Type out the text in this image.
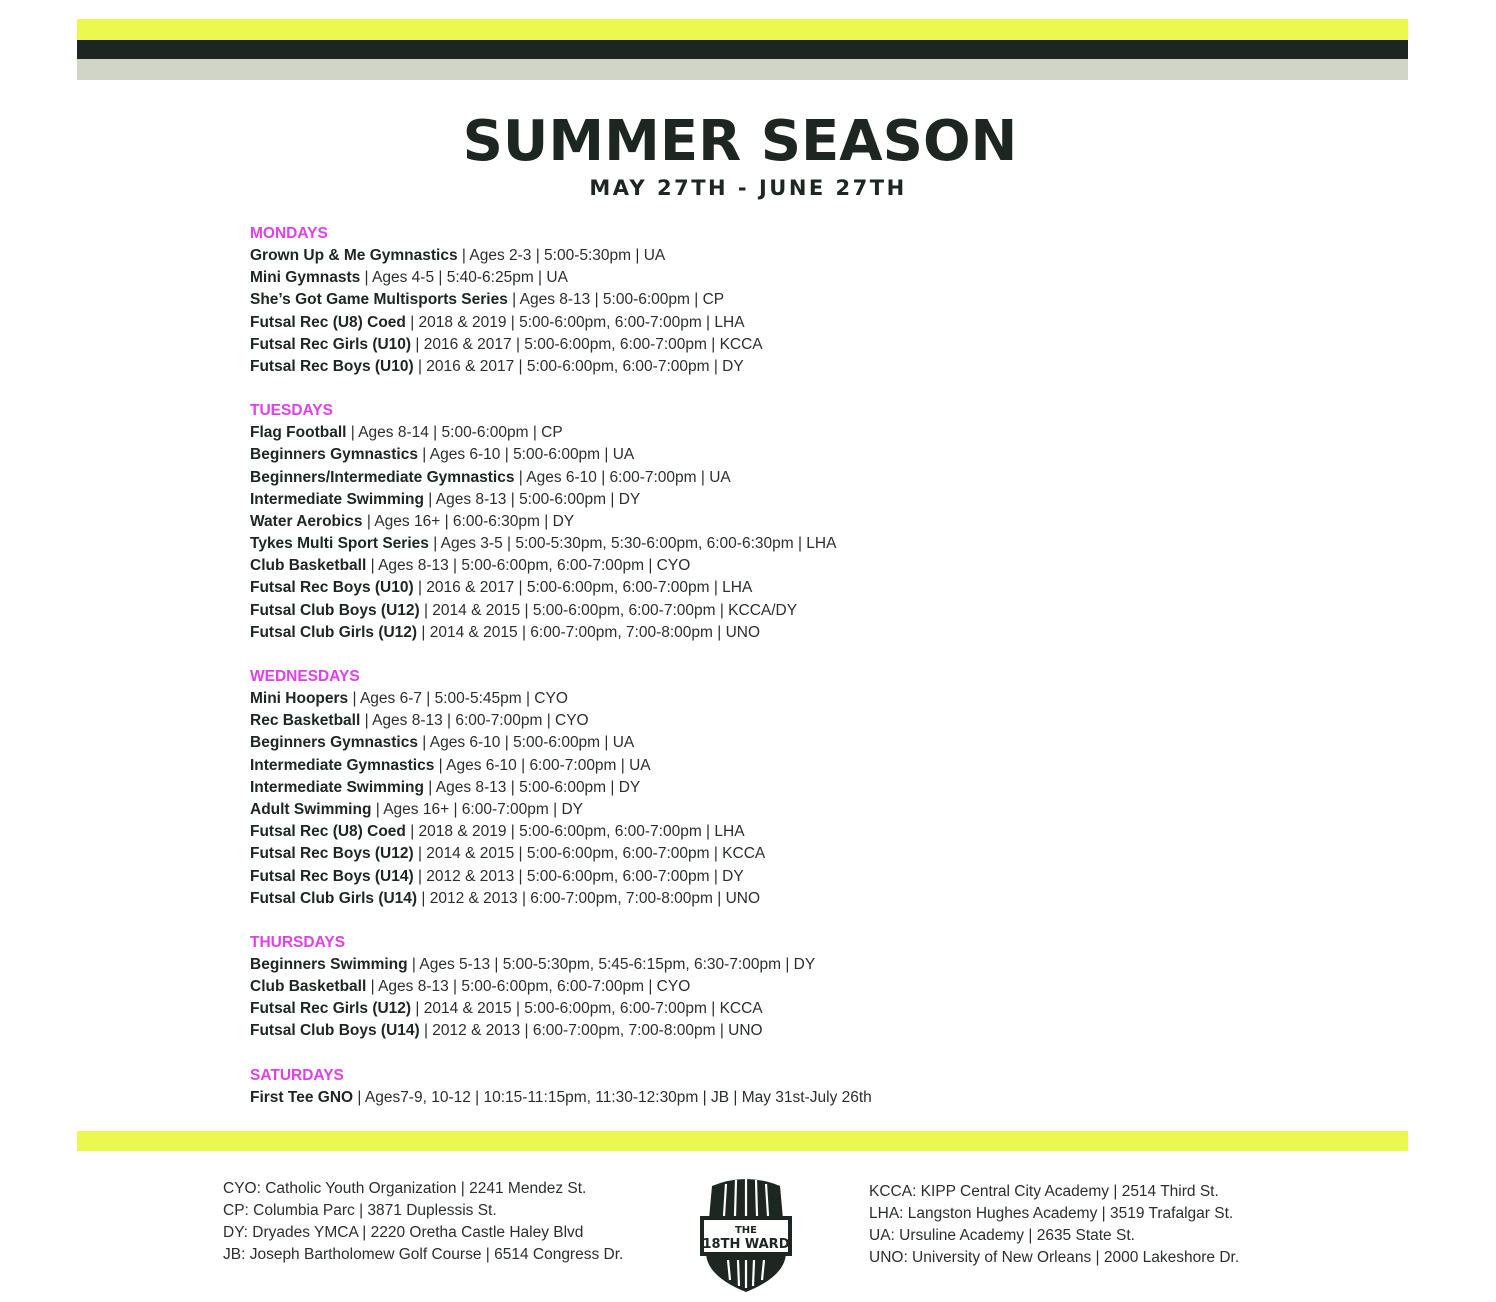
SUMMER SEASON
MAY 27TH - JUNE 27TH
MONDAYS
Grown Up & Me Gymnastics | Ages 2-3 | 5:00-5:30pm | UA
Mini Gymnasts | Ages 4-5 | 5:40-6:25pm | UA
She’s Got Game Multisports Series | Ages 8-13 | 5:00-6:00pm | CP
Futsal Rec (U8) Coed | 2018 & 2019 | 5:00-6:00pm, 6:00-7:00pm | LHA
Futsal Rec Girls (U10) | 2016 & 2017 | 5:00-6:00pm, 6:00-7:00pm | KCCA
Futsal Rec Boys (U10) | 2016 & 2017 | 5:00-6:00pm, 6:00-7:00pm | DY
TUESDAYS
Flag Football | Ages 8-14 | 5:00-6:00pm | CP
Beginners Gymnastics | Ages 6-10 | 5:00-6:00pm | UA
Beginners/Intermediate Gymnastics | Ages 6-10 | 6:00-7:00pm | UA
Intermediate Swimming | Ages 8-13 | 5:00-6:00pm | DY
Water Aerobics | Ages 16+ | 6:00-6:30pm | DY
Tykes Multi Sport Series | Ages 3-5 | 5:00-5:30pm, 5:30-6:00pm, 6:00-6:30pm | LHA
Club Basketball | Ages 8-13 | 5:00-6:00pm, 6:00-7:00pm | CYO
Futsal Rec Boys (U10) | 2016 & 2017 | 5:00-6:00pm, 6:00-7:00pm | LHA
Futsal Club Boys (U12) | 2014 & 2015 | 5:00-6:00pm, 6:00-7:00pm | KCCA/DY
Futsal Club Girls (U12) | 2014 & 2015 | 6:00-7:00pm, 7:00-8:00pm | UNO
WEDNESDAYS
Mini Hoopers | Ages 6-7 | 5:00-5:45pm | CYO
Rec Basketball | Ages 8-13 | 6:00-7:00pm | CYO
Beginners Gymnastics | Ages 6-10 | 5:00-6:00pm | UA
Intermediate Gymnastics | Ages 6-10 | 6:00-7:00pm | UA
Intermediate Swimming | Ages 8-13 | 5:00-6:00pm | DY
Adult Swimming | Ages 16+ | 6:00-7:00pm | DY
Futsal Rec (U8) Coed | 2018 & 2019 | 5:00-6:00pm, 6:00-7:00pm | LHA
Futsal Rec Boys (U12) | 2014 & 2015 | 5:00-6:00pm, 6:00-7:00pm | KCCA
Futsal Rec Boys (U14) | 2012 & 2013 | 5:00-6:00pm, 6:00-7:00pm | DY
Futsal Club Girls (U14) | 2012 & 2013 | 6:00-7:00pm, 7:00-8:00pm | UNO
THURSDAYS
Beginners Swimming | Ages 5-13 | 5:00-5:30pm, 5:45-6:15pm, 6:30-7:00pm | DY
Club Basketball | Ages 8-13 | 5:00-6:00pm, 6:00-7:00pm | CYO
Futsal Rec Girls (U12) | 2014 & 2015 | 5:00-6:00pm, 6:00-7:00pm | KCCA
Futsal Club Boys (U14) | 2012 & 2013 | 6:00-7:00pm, 7:00-8:00pm | UNO
SATURDAYS
First Tee GNO | Ages7-9, 10-12 | 10:15-11:15pm, 11:30-12:30pm | JB | May 31st-July 26th
CYO: Catholic Youth Organization | 2241 Mendez St.
CP: Columbia Parc | 3871 Duplessis St.
DY: Dryades YMCA | 2220 Oretha Castle Haley Blvd
JB: Joseph Bartholomew Golf Course | 6514 Congress Dr.
THE
18TH WARD
KCCA: KIPP Central City Academy | 2514 Third St.
LHA: Langston Hughes Academy | 3519 Trafalgar St.
UA: Ursuline Academy | 2635 State St.
UNO: University of New Orleans | 2000 Lakeshore Dr.
